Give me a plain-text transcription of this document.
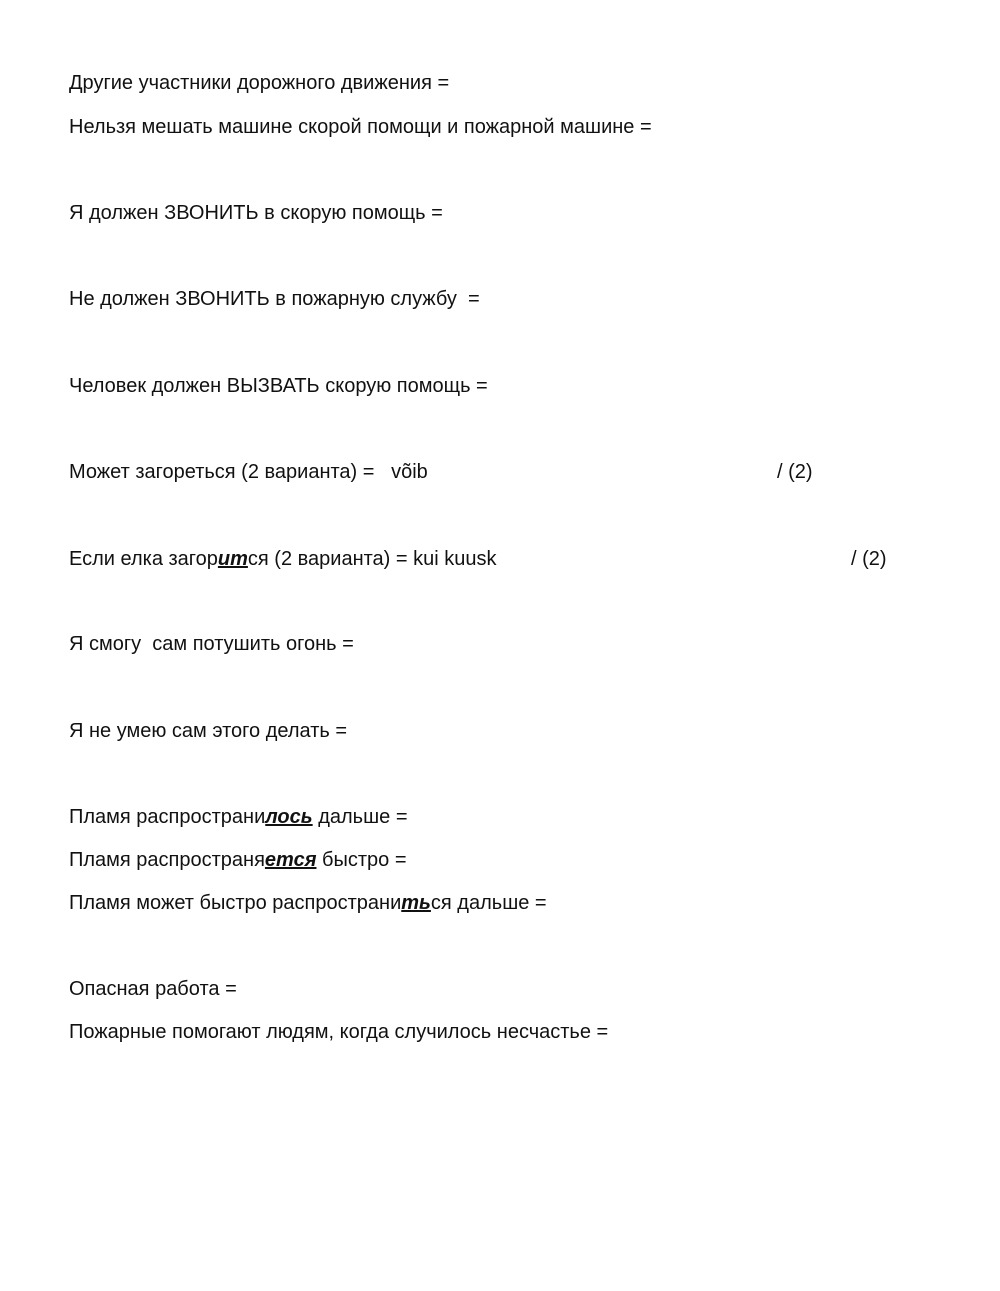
Другие участники дорожного движения =
Нельзя мешать машине скорой помощи и пожарной машине =
Я должен ЗВОНИТЬ в скорую помощь =
Не должен ЗВОНИТЬ в пожарную службу  =
Человек должен ВЫЗВАТЬ скорую помощь =
Может загореться (2 варианта) =   võib	/ (2)
Если елка загорится (2 варианта) = kui kuusk	/ (2)
Я смогу  сам потушить огонь =
Я не умею сам этого делать =
Пламя распространилось дальше =
Пламя распространяется быстро =
Пламя может быстро распространиться дальше =
Опасная работа =
Пожарные помогают людям, когда случилось несчастье =
